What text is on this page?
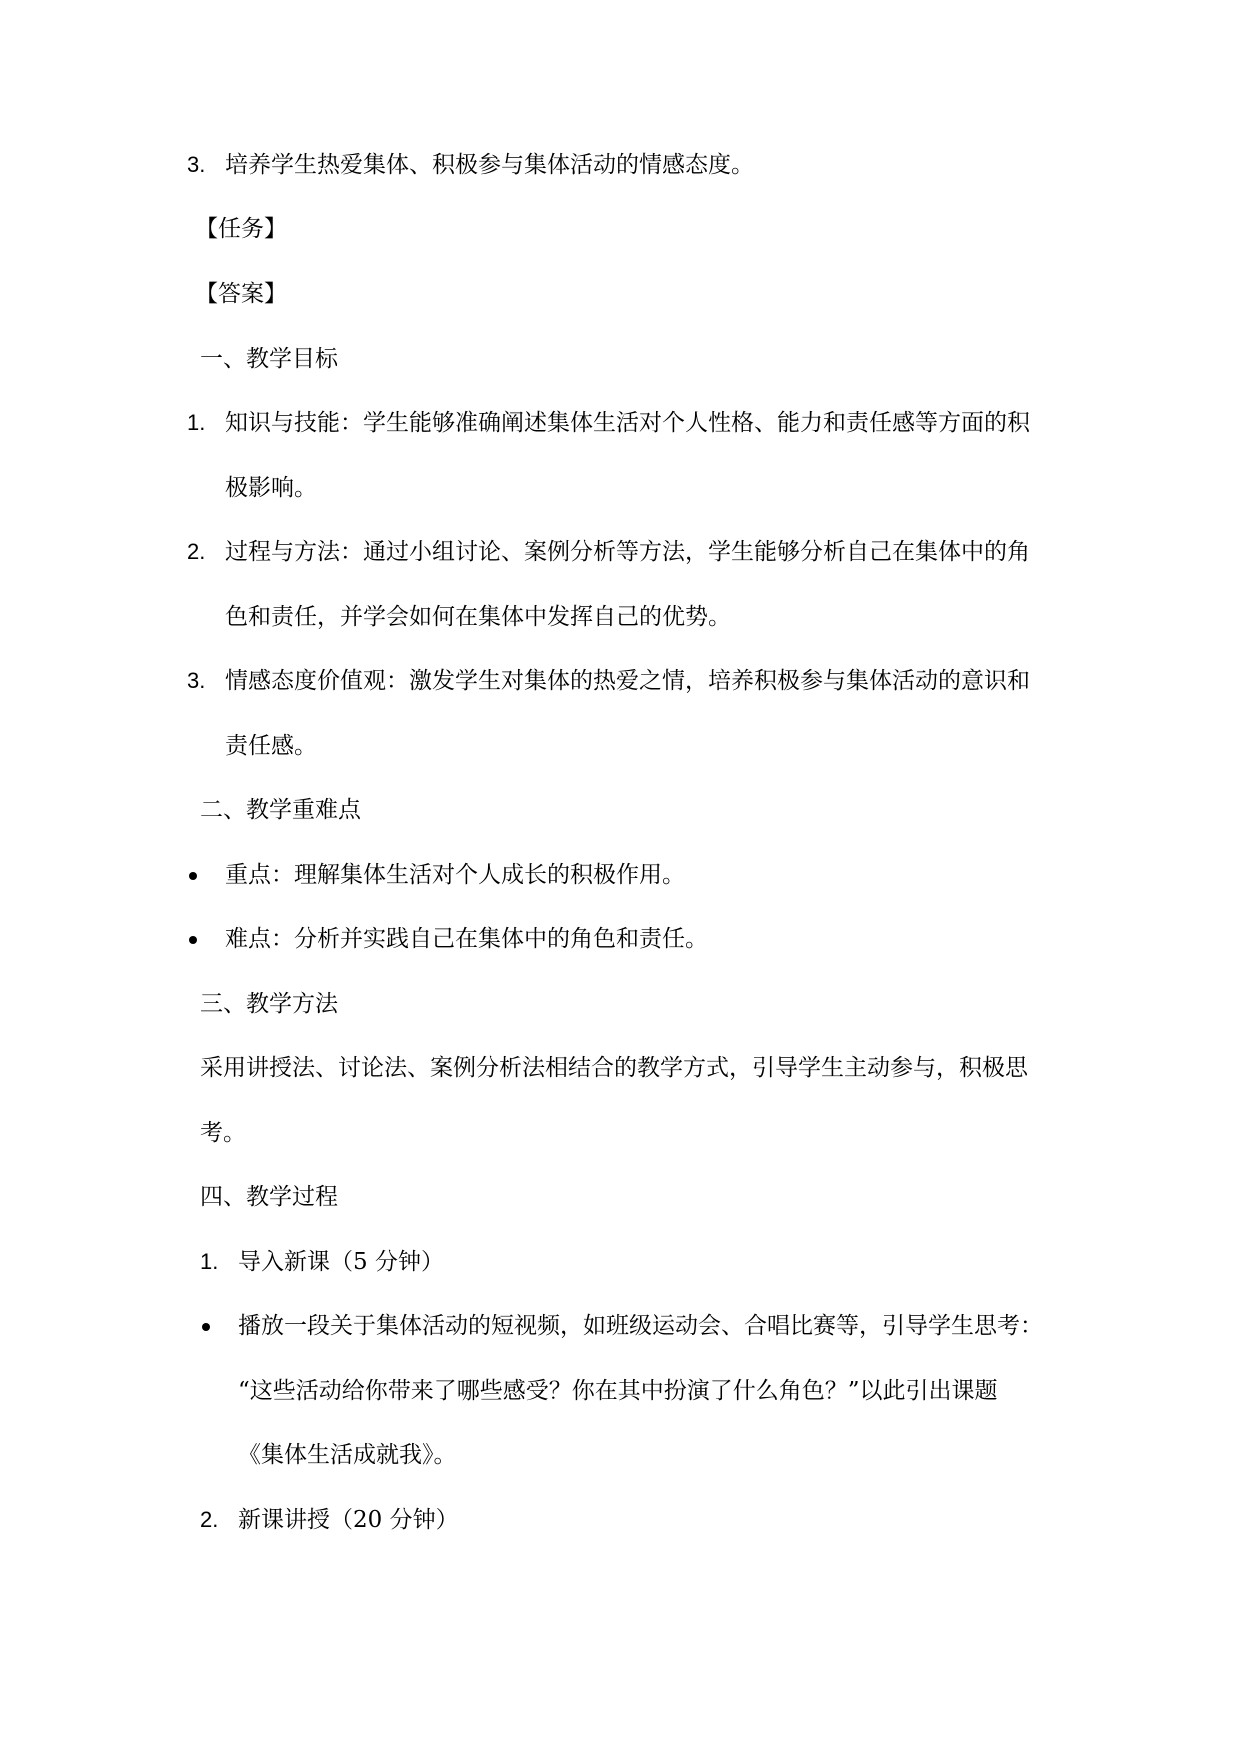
3. 培养学生热爱集体、积极参与集体活动的情感态度。
【任务】
【答案】
一、教学目标
1. 知识与技能：学生能够准确阐述集体生活对个人性格、能力和责任感等方面的积
极影响。
2. 过程与方法：通过小组讨论、案例分析等方法，学生能够分析自己在集体中的角
色和责任，并学会如何在集体中发挥自己的优势。
3. 情感态度价值观：激发学生对集体的热爱之情，培养积极参与集体活动的意识和
责任感。
二、教学重难点
重点：理解集体生活对个人成长的积极作用。
难点：分析并实践自己在集体中的角色和责任。
三、教学方法
采用讲授法、讨论法、案例分析法相结合的教学方式，引导学生主动参与，积极思
考。
四、教学过程
1. 导入新课（5 分钟）
播放一段关于集体活动的短视频，如班级运动会、合唱比赛等，引导学生思考：
“这些活动给你带来了哪些感受？你在其中扮演了什么角色？”以此引出课题
《集体生活成就我》。
2. 新课讲授（20 分钟）
